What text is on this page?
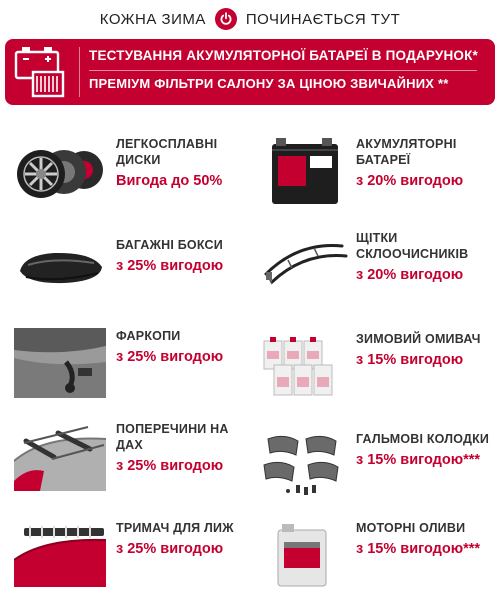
КОЖНА ЗИМА	ПОЧИНАЄТЬСЯ ТУТ
ТЕСТУВАННЯ АКУМУЛЯТОРНОЇ БАТАРЕЇ В ПОДАРУНОК*
ПРЕМІУМ ФІЛЬТРИ САЛОНУ ЗА ЦІНОЮ ЗВИЧАЙНИХ **
ЛЕГКОСПЛАВНІ ДИСКИ
Вигода до 50%
БАГАЖНІ БОКСИ
з 25% вигодою
ФАРКОПИ
з 25% вигодою
ПОПЕРЕЧИНИ НА ДАХ
з 25% вигодою
ТРИМАЧ ДЛЯ ЛИЖ
з 25% вигодою
АКУМУЛЯТОРНІ БАТАРЕЇ
з 20% вигодою
ЩІТКИ СКЛООЧИСНИКІВ
з 20% вигодою
ЗИМОВИЙ ОМИВАЧ
з 15% вигодою
ГАЛЬМОВІ КОЛОДКИ
з 15% вигодою***
МОТОРНІ ОЛИВИ
з 15% вигодою***
